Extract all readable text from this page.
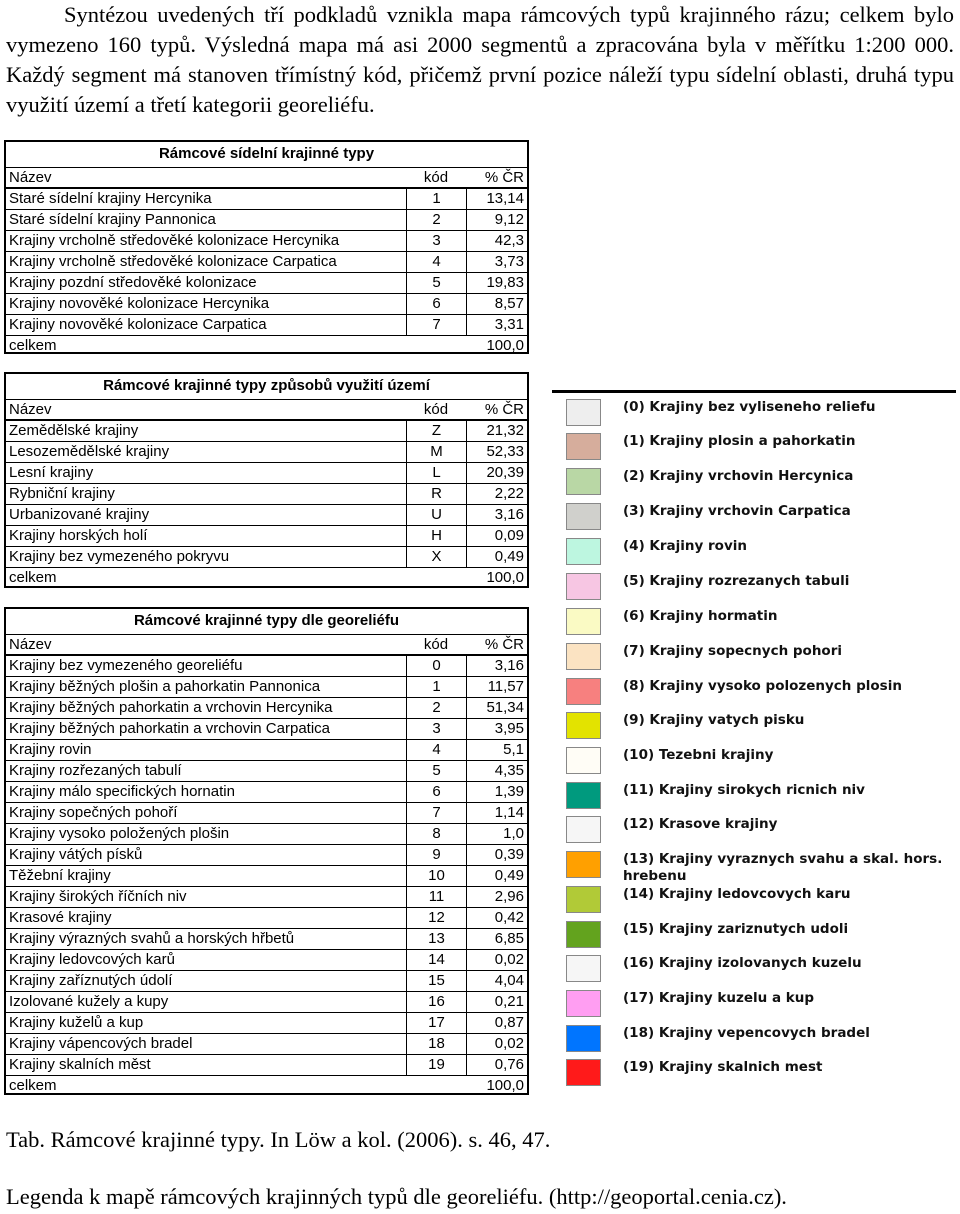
Syntézou uvedených tří podkladů vznikla mapa rámcových typů krajinného rázu; celkem bylo vymezeno 160 typů. Výsledná mapa má asi 2000 segmentů a zpracována byla v měřítku 1:200 000. Každý segment má stanoven třímístný kód, přičemž první pozice náleží typu sídelní oblasti, druhá typu využití území a třetí kategorii georeliéfu.

Rámcové sídelní krajinné typy
Název	kód	% ČR
Staré sídelní krajiny Hercynika	1	13,14
Staré sídelní krajiny Pannonica	2	9,12
Krajiny vrcholně středověké kolonizace Hercynika	3	42,3
Krajiny vrcholně středověké kolonizace Carpatica	4	3,73
Krajiny pozdní středověké kolonizace	5	19,83
Krajiny novověké kolonizace Hercynika	6	8,57
Krajiny novověké kolonizace Carpatica	7	3,31
celkem	100,0
Rámcové krajinné typy způsobů využití území
Název	kód	% ČR
Zemědělské krajiny	Z	21,32
Lesozemědělské krajiny	M	52,33
Lesní krajiny	L	20,39
Rybniční krajiny	R	2,22
Urbanizované krajiny	U	3,16
Krajiny horských holí	H	0,09
Krajiny bez vymezeného pokryvu	X	0,49
celkem	100,0
Rámcové krajinné typy dle georeliéfu
Název	kód	% ČR
Krajiny bez vymezeného georeliéfu	0	3,16
Krajiny běžných plošin a pahorkatin Pannonica	1	11,57
Krajiny běžných pahorkatin a vrchovin Hercynika	2	51,34
Krajiny běžných pahorkatin a vrchovin Carpatica	3	3,95
Krajiny rovin	4	5,1
Krajiny rozřezaných tabulí	5	4,35
Krajiny málo specifických hornatin	6	1,39
Krajiny sopečných pohoří	7	1,14
Krajiny vysoko položených plošin	8	1,0
Krajiny vátých písků	9	0,39
Těžební krajiny	10	0,49
Krajiny širokých říčních niv	11	2,96
Krasové krajiny	12	0,42
Krajiny výrazných svahů a horských hřbetů	13	6,85
Krajiny ledovcových karů	14	0,02
Krajiny zaříznutých údolí	15	4,04
Izolované kužely a kupy	16	0,21
Krajiny kuželů a kup	17	0,87
Krajiny vápencových bradel	18	0,02
Krajiny skalních měst	19	0,76
celkem	100,0
(0) Krajiny bez vyliseneho reliefu
(1) Krajiny plosin a pahorkatin
(2) Krajiny vrchovin Hercynica
(3) Krajiny vrchovin Carpatica
(4) Krajiny rovin
(5) Krajiny rozrezanych tabuli
(6) Krajiny hormatin
(7) Krajiny sopecnych pohori
(8) Krajiny vysoko polozenych plosin
(9) Krajiny vatych pisku
(10) Tezebni krajiny
(11) Krajiny sirokych ricnich niv
(12) Krasove krajiny
(13) Krajiny vyraznych svahu a skal. hors. hrebenu
(14) Krajiny ledovcovych karu
(15) Krajiny zariznutych udoli
(16) Krajiny izolovanych kuzelu
(17) Krajiny kuzelu a kup
(18) Krajiny vepencovych bradel
(19) Krajiny skalnich mest

Tab. Rámcové krajinné typy. In Löw a kol. (2006). s. 46, 47.

Legenda k mapě rámcových krajinných typů dle georeliéfu. (http://geoportal.cenia.cz).
